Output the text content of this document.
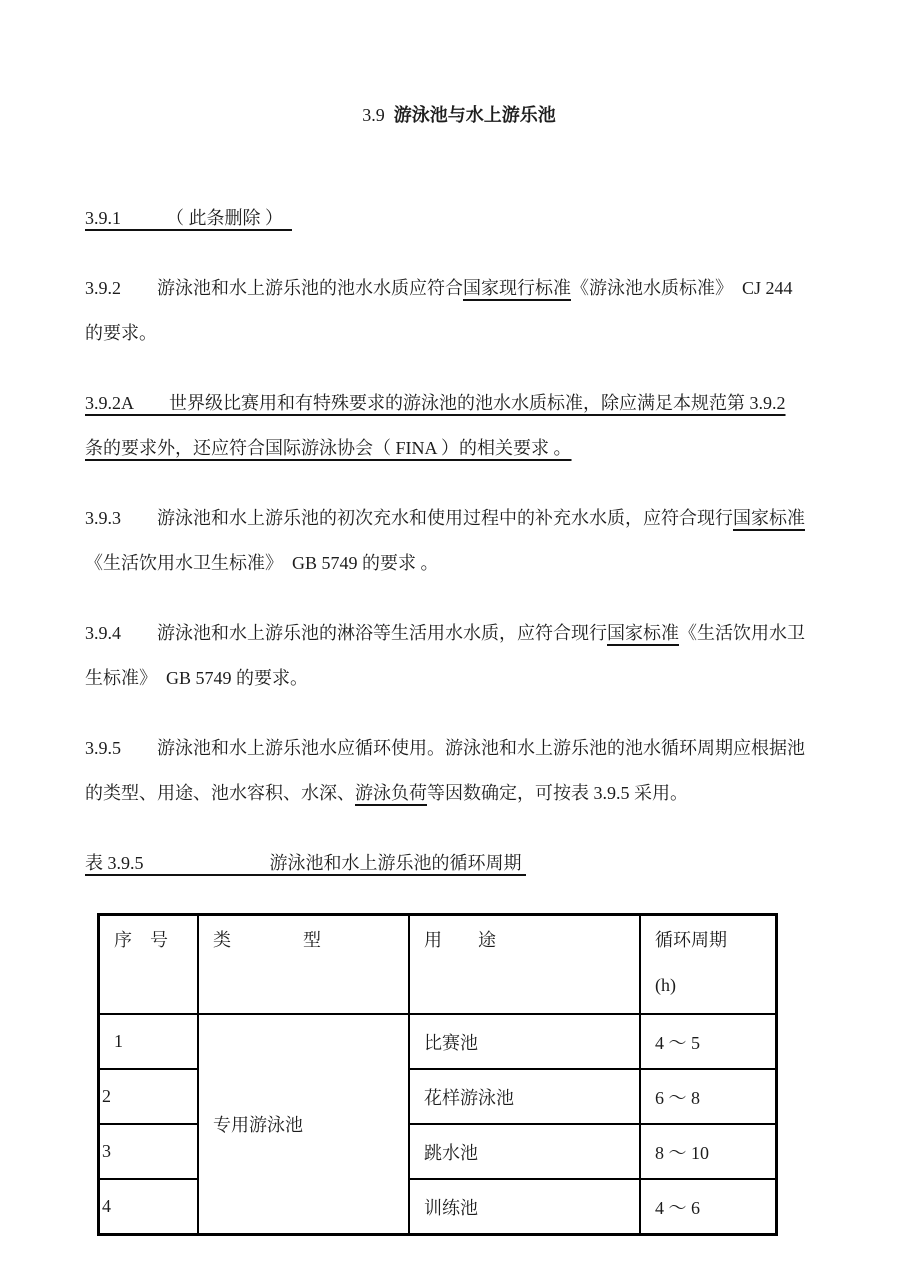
3.9 游泳池与水上游乐池

3.9.1　　　（ 此条删除 ）　
3.9.2　　游泳池和水上游乐池的池水水质应符合国家现行标准《游泳池水质标准》  CJ 244
的要求。
3.9.2A　　世界级比赛用和有特殊要求的游泳池的池水水质标准，除应满足本规范第 3.9.2
条的要求外，还应符合国际游泳协会（ FINA ）的相关要求 。
3.9.3　　游泳池和水上游乐池的初次充水和使用过程中的补充水水质，应符合现行国家标准
《生活饮用水卫生标准》  GB 5749 的要求 。
3.9.4　　游泳池和水上游乐池的淋浴等生活用水水质，应符合现行国家标准《生活饮用水卫
生标准》  GB 5749 的要求。
3.9.5　　游泳池和水上游乐池水应循环使用。游泳池和水上游乐池的池水循环周期应根据池
的类型、用途、池水容积、水深、游泳负荷等因数确定，可按表 3.9.5 采用。
表 3.9.5　　　　　　　游泳池和水上游乐池的循环周期
序　号	类　　　　型	用　　途	循环周期
(h)

1	专用游泳池	比赛池	4 ～ 5
2		花样游泳池	6 ～ 8
3		跳水池	8 ～ 10
4		训练池	4 ～ 6
